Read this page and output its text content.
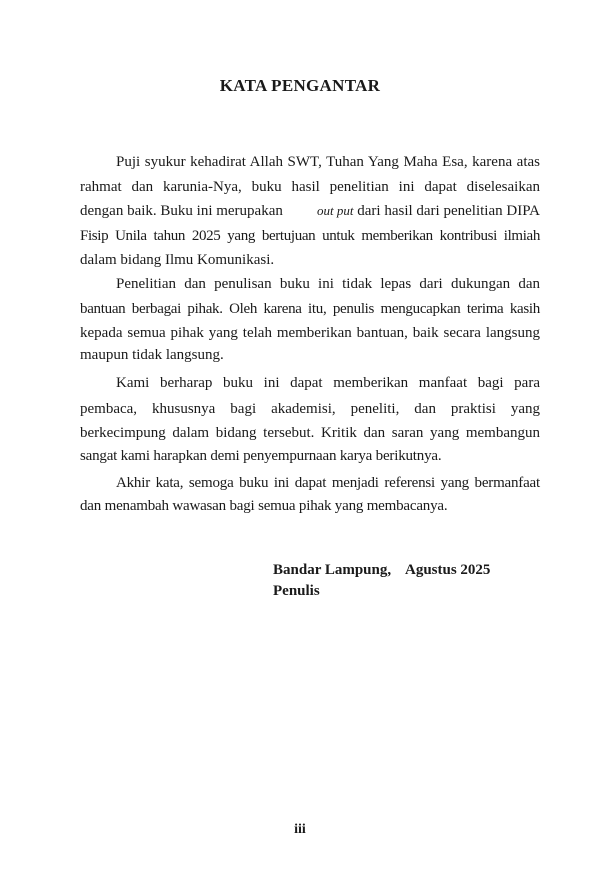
KATA PENGANTAR
Puji syukur kehadirat Allah SWT, Tuhan Yang Maha Esa, karena atas
rahmat dan karunia-Nya, buku hasil penelitian ini dapat diselesaikan
dengan baik. Buku ini merupakan	out put dari hasil dari penelitian DIPA
Fisip Unila tahun 2025 yang bertujuan untuk memberikan kontribusi ilmiah
dalam bidang Ilmu Komunikasi.
Penelitian dan penulisan buku ini tidak lepas dari dukungan dan
bantuan berbagai pihak. Oleh karena itu, penulis mengucapkan terima kasih
kepada semua pihak yang telah memberikan bantuan, baik secara langsung
maupun tidak langsung.
Kami berharap buku ini dapat memberikan manfaat bagi para
pembaca, khususnya bagi akademisi, peneliti, dan praktisi yang
berkecimpung dalam bidang tersebut. Kritik dan saran yang membangun
sangat kami harapkan demi penyempurnaan karya berikutnya.
Akhir kata, semoga buku ini dapat menjadi referensi yang bermanfaat
dan menambah wawasan bagi semua pihak yang membacanya.
Bandar Lampung, Agustus 2025
Penulis
iii
